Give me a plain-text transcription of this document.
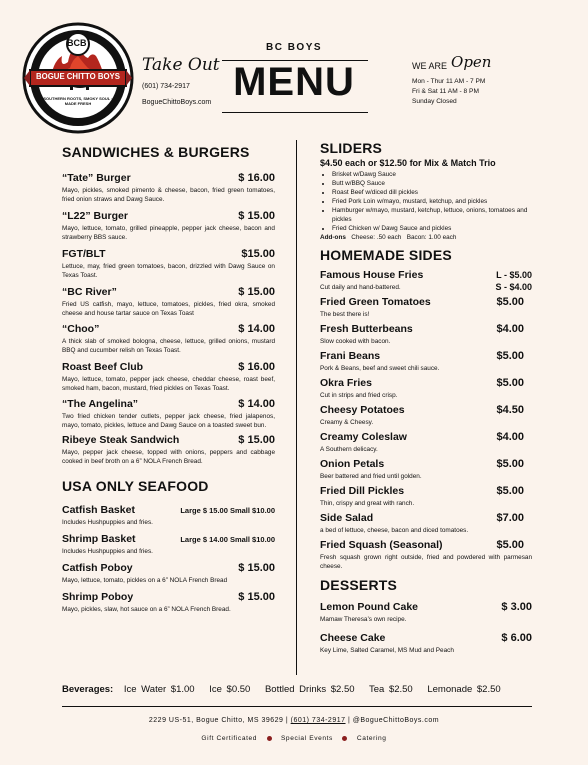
BCB
BOGUE CHITTO BOYS
SOUTHERN ROOTS, SMOKY SOUL · MADE FRESH
Take Out
(601) 734-2917
BogueChittoBoys.com
BC BOYS
MENU	WE ARE Open
Mon - Thur 11 AM - 7 PM
Fri & Sat 11 AM - 8 PM
Sunday Closed
SANDWICHES & BURGERS
“Tate” Burger	$ 16.00
Mayo, pickles, smoked pimento & cheese, bacon, fried green tomatoes, fried onion straws and Dawg Sauce.
“L22” Burger	$ 15.00
Mayo, lettuce, tomato, grilled pineapple, pepper jack cheese, bacon and strawberry BBS sauce.
FGT/BLT	$15.00
Lettuce, may, fried green tomatoes, bacon, drizzled with Dawg Sauce on Texas Toast.
“BC River”	$ 15.00
Fried US catfish, mayo, lettuce, tomatoes, pickles, fried okra, smoked cheese and house tartar sauce on Texas Toast
“Choo”	$ 14.00
A thick slab of smoked bologna, cheese, lettuce, grilled onions, mustard BBQ and cucumber relish on Texas Toast.
Roast Beef Club	$ 16.00
Mayo, lettuce, tomato, pepper jack cheese, cheddar cheese, roast beef, smoked ham, bacon, mustard, fried pickles on Texas Toast.
“The Angelina”	$ 14.00
Two fried chicken tender cutlets, pepper jack cheese, fried jalapenos, mayo, tomato, pickles, lettuce and Dawg Sauce on a toasted sweet bun.
Ribeye Steak Sandwich	$ 15.00
Mayo, pepper jack cheese, topped with onions, peppers and cabbage cooked in beef broth on a 6” NOLA French Bread.
USA ONLY SEAFOOD
Catfish Basket	Large $ 15.00 Small $10.00
Includes Hushpuppies and fries.
Shrimp Basket	Large $ 14.00 Small $10.00
Includes Hushpuppies and fries.
Catfish Poboy	$ 15.00
Mayo, lettuce, tomato, pickles on a 6” NOLA French Bread
Shrimp Poboy	$ 15.00
Mayo, pickles, slaw, hot sauce on a 6” NOLA French Bread.
SLIDERS
$4.50 each or $12.50 for Mix & Match Trio
• Brisket w/Dawg Sauce
• Butt w/BBQ Sauce
• Roast Beef w/diced dill pickles
• Fried Pork Loin w/mayo, mustard, ketchup, and pickles
• Hamburger w/mayo, mustard, ketchup, lettuce, onions, tomatoes and pickles
• Fried Chicken w/ Dawg Sauce and pickles
Add-ons Cheese: .50 each Bacon: 1.00 each
HOMEMADE SIDES
Famous House Fries
Cut daily and hand-battered.
L - $5.00
S - $4.00
Fried Green Tomatoes	$5.00
The best there is!
Fresh Butterbeans	$4.00
Slow cooked with bacon.
Frani Beans	$5.00
Pork & Beans, beef and sweet chili sauce.
Okra Fries	$5.00
Cut in strips and fried crisp.
Cheesy Potatoes	$4.50
Creamy & Cheesy.
Creamy Coleslaw	$4.00
A Southern delicacy.
Onion Petals	$5.00
Beer battered and fried until golden.
Fried Dill Pickles	$5.00
Thin, crispy and great with ranch.
Side Salad	$7.00
a bed of lettuce, cheese, bacon and diced tomatoes.
Fried Squash (Seasonal)	$5.00
Fresh squash grown right outside, fried and powdered with parmesan cheese.
DESSERTS
Lemon Pound Cake	$ 3.00
Mamaw Theresa’s own recipe.
Cheese Cake	$ 6.00
Key Lime, Salted Caramel, MS Mud and Peach
Beverages: Ice Water $1.00 Ice $0.50 Bottled Drinks $2.50 Tea $2.50 Lemonade $2.50
2229 US-51, Bogue Chitto, MS 39629 | (601) 734-2917 | @BogueChittoBoys.com
Gift Certificated	Special Events	Catering
